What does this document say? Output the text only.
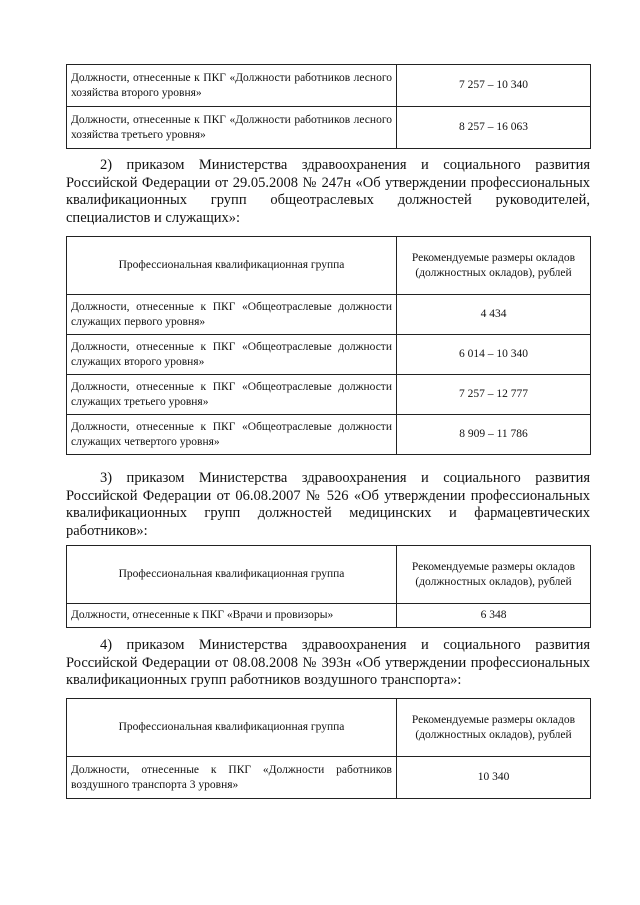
Должности, отнесенные к ПКГ «Должности работников лесного хозяйства второго уровня»	7 257 – 10 340
Должности, отнесенные к ПКГ «Должности работников лесного хозяйства третьего уровня»	8 257 – 16 063

2) приказом Министерства здравоохранения и социального развития Российской Федерации от 29.05.2008 № 247н «Об утверждении профессиональных квалификационных групп общеотраслевых должностей руководителей, специалистов и служащих»:

Профессиональная квалификационная группа	Рекомендуемые размеры окладов (должностных окладов), рублей
Должности, отнесенные к ПКГ «Общеотраслевые должности служащих первого уровня»	4 434
Должности, отнесенные к ПКГ «Общеотраслевые должности служащих второго уровня»	6 014 – 10 340
Должности, отнесенные к ПКГ «Общеотраслевые должности служащих третьего уровня»	7 257 – 12 777
Должности, отнесенные к ПКГ «Общеотраслевые должности служащих четвертого уровня»	8 909 – 11 786

3) приказом Министерства здравоохранения и социального развития Российской Федерации от 06.08.2007 № 526 «Об утверждении профессиональных квалификационных групп должностей медицинских и фармацевтических работников»:

Профессиональная квалификационная группа	Рекомендуемые размеры окладов (должностных окладов), рублей
Должности, отнесенные к ПКГ «Врачи и провизоры»	6 348

4) приказом Министерства здравоохранения и социального развития Российской Федерации от 08.08.2008 № 393н «Об утверждении профессиональных квалификационных групп работников воздушного транспорта»:

Профессиональная квалификационная группа	Рекомендуемые размеры окладов (должностных окладов), рублей
Должности, отнесенные к ПКГ «Должности работников воздушного транспорта 3 уровня»	10 340
